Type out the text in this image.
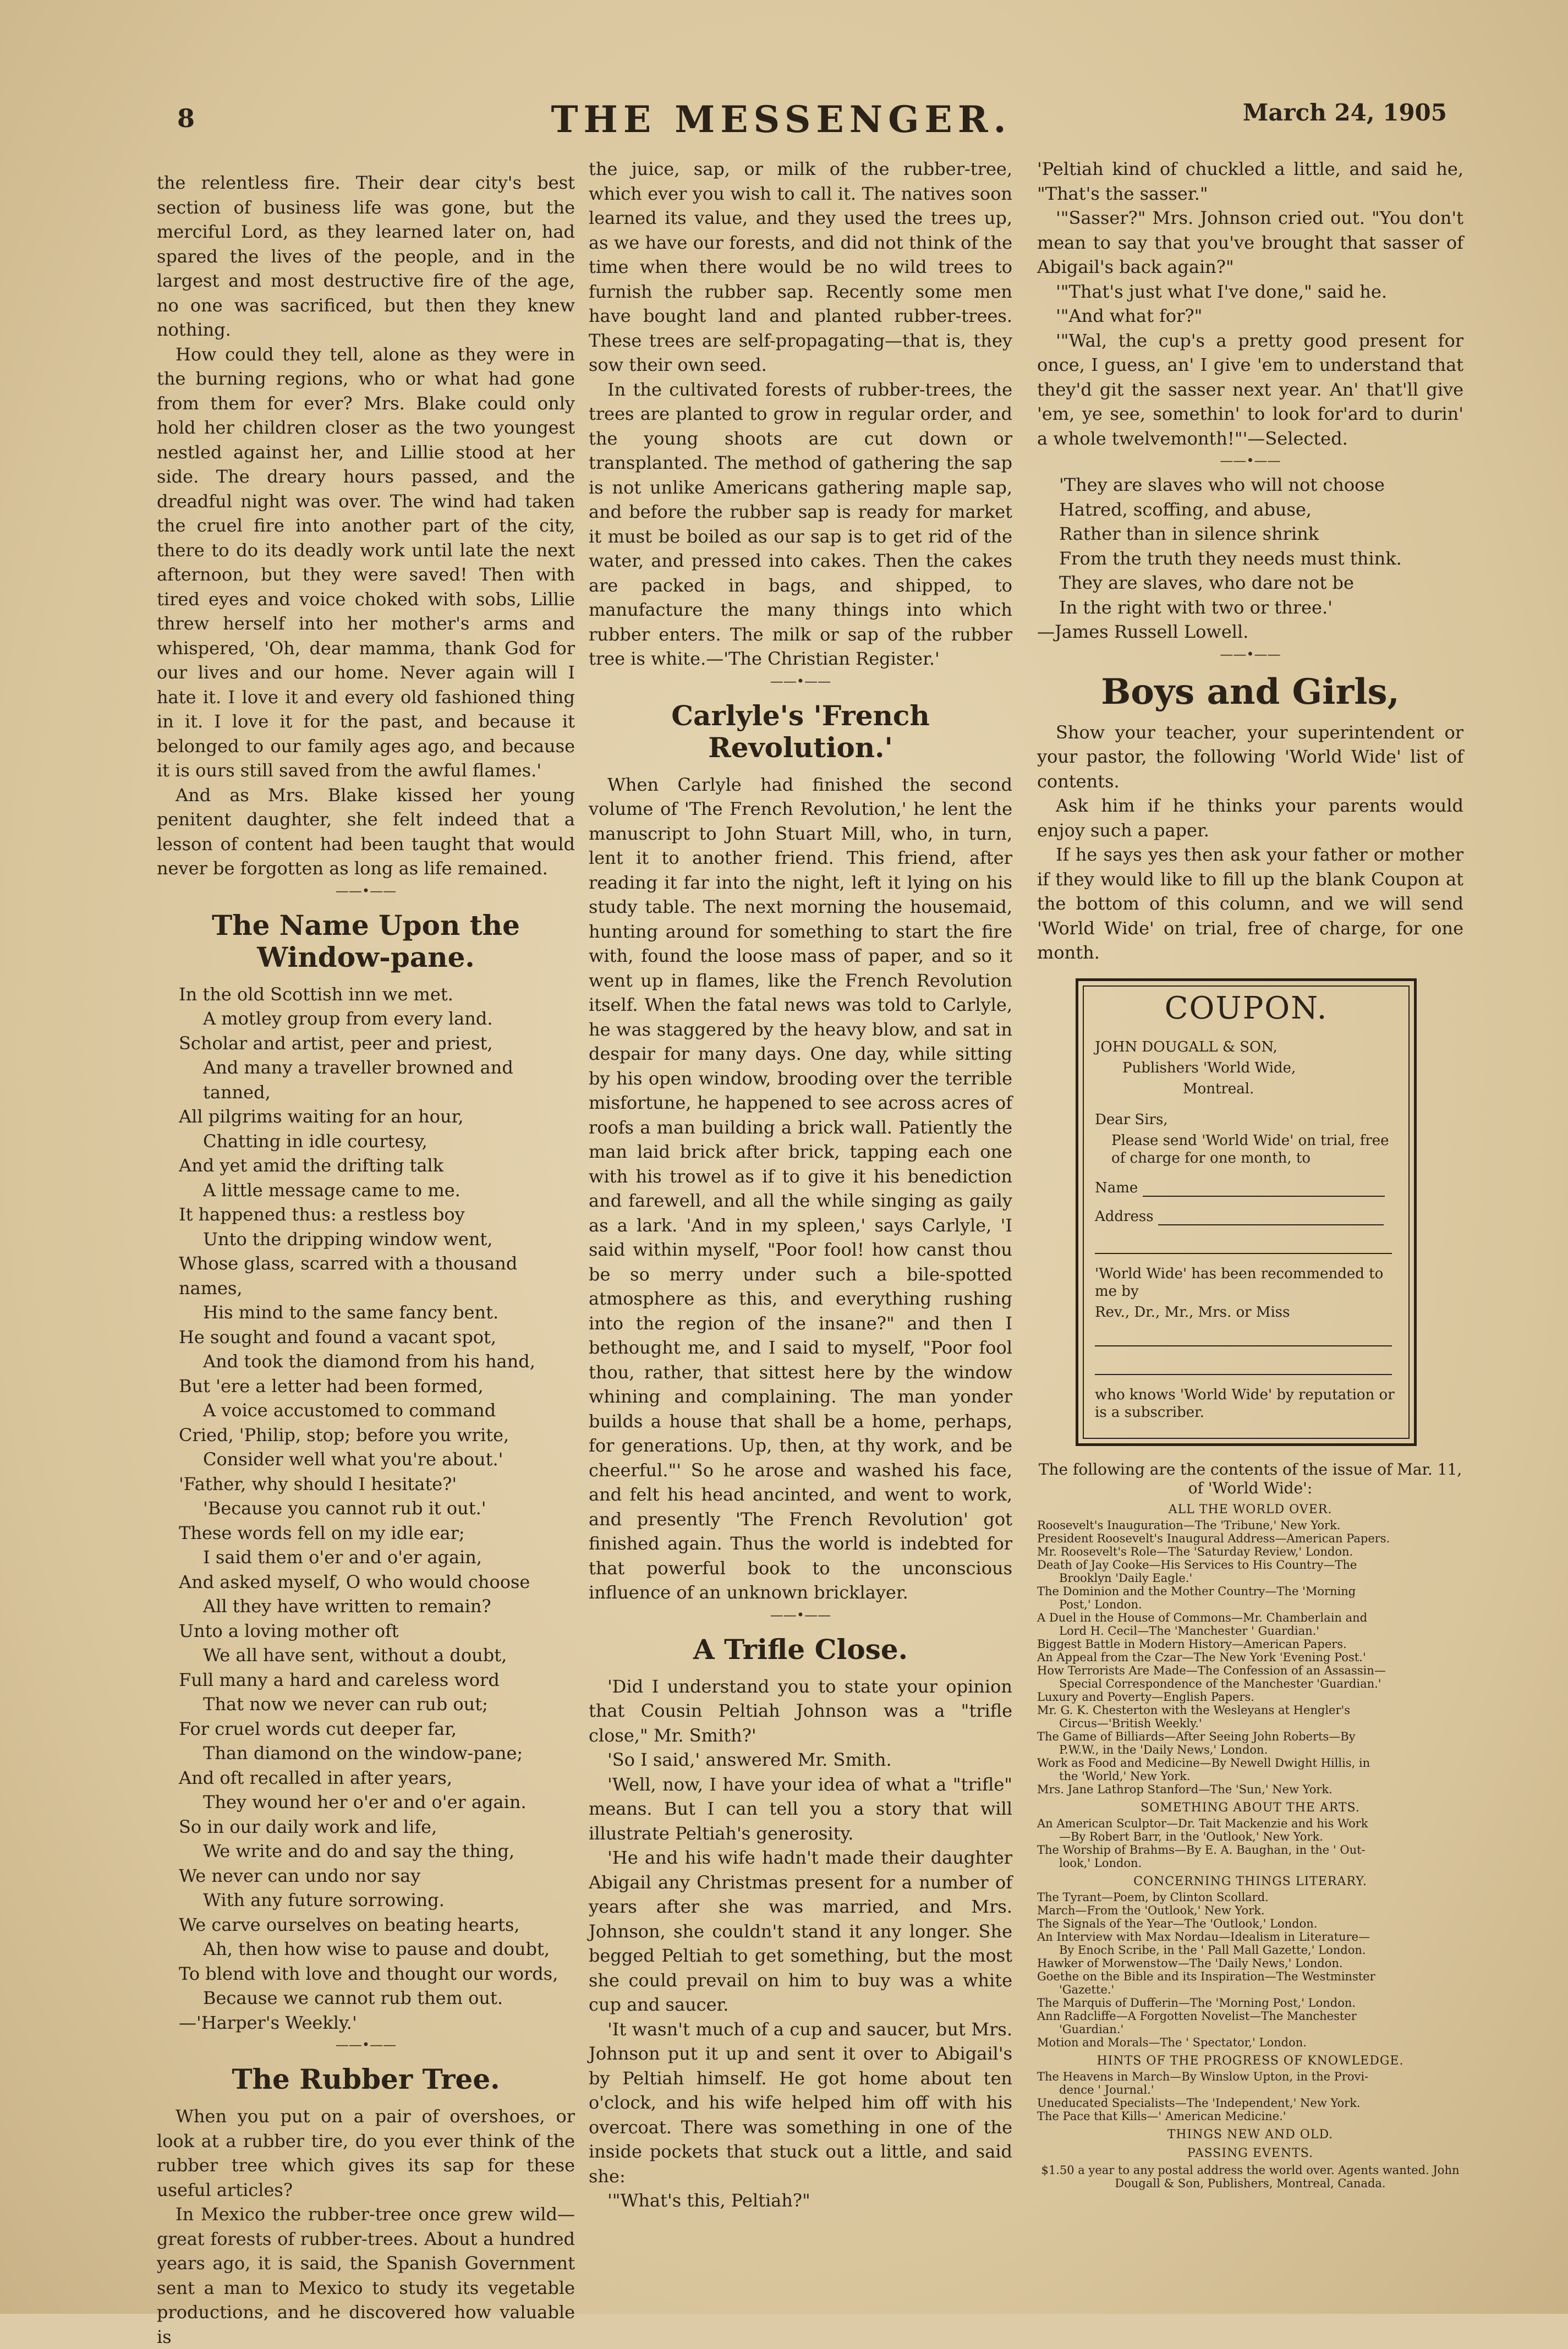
8	THE MESSENGER.	March 24, 1905

the relentless fire. Their dear city's best section of business life was gone, but the merciful Lord, as they learned later on, had spared the lives of the people, and in the largest and most destructive fire of the age, no one was sacrificed, but then they knew nothing.

How could they tell, alone as they were in the burning regions, who or what had gone from them for ever? Mrs. Blake could only hold her children closer as the two youngest nestled against her, and Lillie stood at her side. The dreary hours passed, and the dreadful night was over. The wind had taken the cruel fire into another part of the city, there to do its deadly work until late the next afternoon, but they were saved! Then with tired eyes and voice choked with sobs, Lillie threw herself into her mother's arms and whispered, 'Oh, dear mamma, thank God for our lives and our home. Never again will I hate it. I love it and every old fashioned thing in it. I love it for the past, and because it belonged to our family ages ago, and because it is ours still saved from the awful flames.'

And as Mrs. Blake kissed her young penitent daughter, she felt indeed that a lesson of content had been taught that would never be forgotten as long as life remained.

——•——
The Name Upon the Window-pane.
In the old Scottish inn we met.
A motley group from every land.
Scholar and artist, peer and priest,
And many a traveller browned and tanned,
All pilgrims waiting for an hour,
Chatting in idle courtesy,
And yet amid the drifting talk
A little message came to me.
It happened thus: a restless boy
Unto the dripping window went,
Whose glass, scarred with a thousand names,
His mind to the same fancy bent.
He sought and found a vacant spot,
And took the diamond from his hand,
But 'ere a letter had been formed,
A voice accustomed to command
Cried, 'Philip, stop; before you write,
Consider well what you're about.'
'Father, why should I hesitate?'
'Because you cannot rub it out.'
These words fell on my idle ear;
I said them o'er and o'er again,
And asked myself, O who would choose
All they have written to remain?
Unto a loving mother oft
We all have sent, without a doubt,
Full many a hard and careless word
That now we never can rub out;
For cruel words cut deeper far,
Than diamond on the window-pane;
And oft recalled in after years,
They wound her o'er and o'er again.
So in our daily work and life,
We write and do and say the thing,
We never can undo nor say
With any future sorrowing.
We carve ourselves on beating hearts,
Ah, then how wise to pause and doubt,
To blend with love and thought our words,
Because we cannot rub them out.
—'Harper's Weekly.'
——•——
The Rubber Tree.

When you put on a pair of overshoes, or look at a rubber tire, do you ever think of the rubber tree which gives its sap for these useful articles?

In Mexico the rubber-tree once grew wild—great forests of rubber-trees. About a hundred years ago, it is said, the Spanish Government sent a man to Mexico to study its vegetable productions, and he discovered how valuable is

the juice, sap, or milk of the rubber-tree, which ever you wish to call it. The natives soon learned its value, and they used the trees up, as we have our forests, and did not think of the time when there would be no wild trees to furnish the rubber sap. Recently some men have bought land and planted rubber-trees. These trees are self-propagating—that is, they sow their own seed.

In the cultivated forests of rubber-trees, the trees are planted to grow in regular order, and the young shoots are cut down or transplanted. The method of gathering the sap is not unlike Americans gathering maple sap, and before the rubber sap is ready for market it must be boiled as our sap is to get rid of the water, and pressed into cakes. Then the cakes are packed in bags, and shipped, to manufacture the many things into which rubber enters. The milk or sap of the rubber tree is white.—'The Christian Register.'

——•——
Carlyle's 'French Revolution.'

When Carlyle had finished the second volume of 'The French Revolution,' he lent the manuscript to John Stuart Mill, who, in turn, lent it to another friend. This friend, after reading it far into the night, left it lying on his study table. The next morning the housemaid, hunting around for something to start the fire with, found the loose mass of paper, and so it went up in flames, like the French Revolution itself. When the fatal news was told to Carlyle, he was staggered by the heavy blow, and sat in despair for many days. One day, while sitting by his open window, brooding over the terrible misfortune, he happened to see across acres of roofs a man building a brick wall. Patiently the man laid brick after brick, tapping each one with his trowel as if to give it his benediction and farewell, and all the while singing as gaily as a lark. 'And in my spleen,' says Carlyle, 'I said within myself, "Poor fool! how canst thou be so merry under such a bile-spotted atmosphere as this, and everything rushing into the region of the insane?" and then I bethought me, and I said to myself, "Poor fool thou, rather, that sittest here by the window whining and complaining. The man yonder builds a house that shall be a home, perhaps, for generations. Up, then, at thy work, and be cheerful."' So he arose and washed his face, and felt his head ancinted, and went to work, and presently 'The French Revolution' got finished again. Thus the world is indebted for that powerful book to the unconscious influence of an unknown bricklayer.

——•——
A Trifle Close.

'Did I understand you to state your opinion that Cousin Peltiah Johnson was a "trifle close," Mr. Smith?'

'So I said,' answered Mr. Smith.

'Well, now, I have your idea of what a "trifle" means. But I can tell you a story that will illustrate Peltiah's generosity.

'He and his wife hadn't made their daughter Abigail any Christmas present for a number of years after she was married, and Mrs. Johnson, she couldn't stand it any longer. She begged Peltiah to get something, but the most she could prevail on him to buy was a white cup and saucer.

'It wasn't much of a cup and saucer, but Mrs. Johnson put it up and sent it over to Abigail's by Peltiah himself. He got home about ten o'clock, and his wife helped him off with his overcoat. There was something in one of the inside pockets that stuck out a little, and said she:

'"What's this, Peltiah?"

'Peltiah kind of chuckled a little, and said he, "That's the sasser."

'"Sasser?" Mrs. Johnson cried out. "You don't mean to say that you've brought that sasser of Abigail's back again?"

'"That's just what I've done," said he.

'"And what for?"

'"Wal, the cup's a pretty good present for once, I guess, an' I give 'em to understand that they'd git the sasser next year. An' that'll give 'em, ye see, somethin' to look for'ard to durin' a whole twelvemonth!"'—Selected.

——•——
'They are slaves who will not choose
Hatred, scoffing, and abuse,
Rather than in silence shrink
From the truth they needs must think.
They are slaves, who dare not be
In the right with two or three.'
—James Russell Lowell.
——•——
Boys and Girls,

Show your teacher, your superintendent or your pastor, the following 'World Wide' list of contents.

Ask him if he thinks your parents would enjoy such a paper.

If he says yes then ask your father or mother if they would like to fill up the blank Coupon at the bottom of this column, and we will send 'World Wide' on trial, free of charge, for one month.

COUPON.
JOHN DOUGALL & SON,
Publishers 'World Wide,
Montreal.
Dear Sirs,
Please send 'World Wide' on trial, free of charge for one month, to
Name
Address
'World Wide' has been recommended to me by
Rev., Dr., Mr., Mrs. or Miss
who knows 'World Wide' by reputation or is a subscriber.
The following are the contents of the issue of Mar. 11, of 'World Wide':
ALL THE WORLD OVER.
Roosevelt's Inauguration—The 'Tribune,' New York.
President Roosevelt's Inaugural Address—American Papers.
Mr. Roosevelt's Role—The 'Saturday Review,' London.
Death of Jay Cooke—His Services to His Country—The
Brooklyn 'Daily Eagle.'
The Dominion and the Mother Country—The 'Morning
Post,' London.
A Duel in the House of Commons—Mr. Chamberlain and
Lord H. Cecil—The 'Manchester ' Guardian.'
Biggest Battle in Modern History—American Papers.
An Appeal from the Czar—The New York 'Evening Post.'
How Terrorists Are Made—The Confession of an Assassin—
Special Correspondence of the Manchester 'Guardian.'
Luxury and Poverty—English Papers.
Mr. G. K. Chesterton with the Wesleyans at Hengler's
Circus—'British Weekly.'
The Game of Billiards—After Seeing John Roberts—By
P.W.W., in the 'Daily News,' London.
Work as Food and Medicine—By Newell Dwight Hillis, in
the 'World,' New York.
Mrs. Jane Lathrop Stanford—The 'Sun,' New York.
SOMETHING ABOUT THE ARTS.
An American Sculptor—Dr. Tait Mackenzie and his Work
—By Robert Barr, in the 'Outlook,' New York.
The Worship of Brahms—By E. A. Baughan, in the ' Out-
look,' London.
CONCERNING THINGS LITERARY.
The Tyrant—Poem, by Clinton Scollard.
March—From the 'Outlook,' New York.
The Signals of the Year—The 'Outlook,' London.
An Interview with Max Nordau—Idealism in Literature—
By Enoch Scribe, in the ' Pall Mall Gazette,' London.
Hawker of Morwenstow—The 'Daily News,' London.
Goethe on the Bible and its Inspiration—The Westminster
'Gazette.'
The Marquis of Dufferin—The 'Morning Post,' London.
Ann Radcliffe—A Forgotten Novelist—The Manchester
'Guardian.'
Motion and Morals—The ' Spectator,' London.
HINTS OF THE PROGRESS OF KNOWLEDGE.
The Heavens in March—By Winslow Upton, in the Provi-
dence ' Journal.'
Uneducated Specialists—The 'Independent,' New York.
The Pace that Kills—' American Medicine.'
THINGS NEW AND OLD.
PASSING EVENTS.
$1.50 a year to any postal address the world over. Agents wanted. John Dougall & Son, Publishers, Montreal, Canada.
